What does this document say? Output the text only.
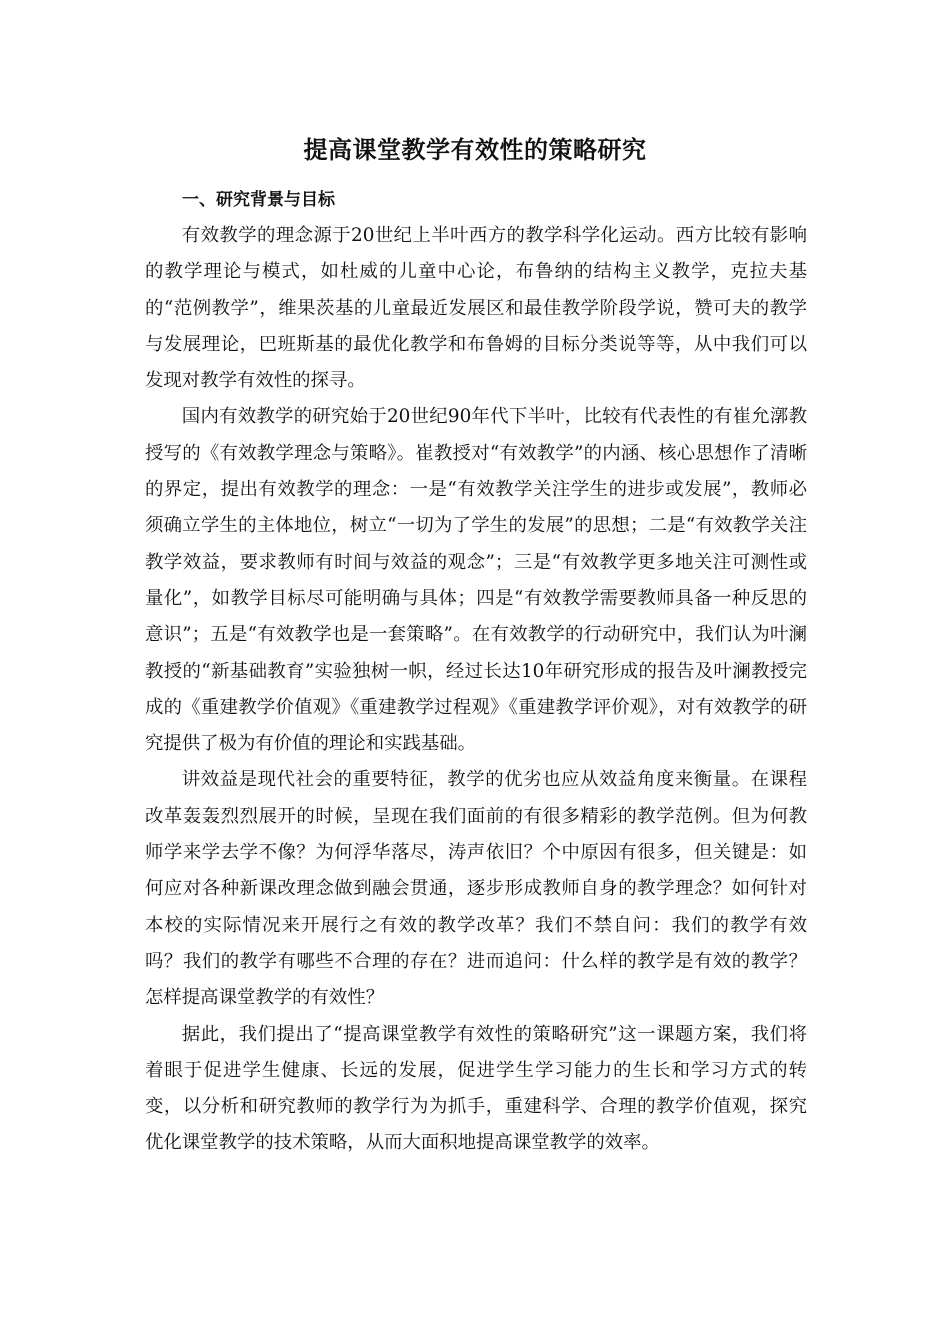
提高课堂教学有效性的策略研究
一、研究背景与目标

有效教学的理念源于20世纪上半叶西方的教学科学化运动。西方比较有影响的教学理论与模式，如杜威的儿童中心论，布鲁纳的结构主义教学，克拉夫基的“范例教学”，维果茨基的儿童最近发展区和最佳教学阶段学说，赞可夫的教学与发展理论，巴班斯基的最优化教学和布鲁姆的目标分类说等等，从中我们可以发现对教学有效性的探寻。

国内有效教学的研究始于20世纪90年代下半叶，比较有代表性的有崔允漷教授写的《有效教学理念与策略》。崔教授对“有效教学”的内涵、核心思想作了清晰的界定，提出有效教学的理念：一是“有效教学关注学生的进步或发展”，教师必须确立学生的主体地位，树立“一切为了学生的发展”的思想；二是“有效教学关注教学效益，要求教师有时间与效益的观念”；三是“有效教学更多地关注可测性或量化”，如教学目标尽可能明确与具体；四是“有效教学需要教师具备一种反思的意识”；五是“有效教学也是一套策略”。在有效教学的行动研究中，我们认为叶澜教授的“新基础教育”实验独树一帜，经过长达10年研究形成的报告及叶澜教授完成的《重建教学价值观》《重建教学过程观》《重建教学评价观》，对有效教学的研究提供了极为有价值的理论和实践基础。

讲效益是现代社会的重要特征，教学的优劣也应从效益角度来衡量。在课程改革轰轰烈烈展开的时候，呈现在我们面前的有很多精彩的教学范例。但为何教师学来学去学不像？为何浮华落尽，涛声依旧？个中原因有很多，但关键是：如何应对各种新课改理念做到融会贯通，逐步形成教师自身的教学理念？如何针对本校的实际情况来开展行之有效的教学改革？我们不禁自问：我们的教学有效吗？我们的教学有哪些不合理的存在？进而追问：什么样的教学是有效的教学？怎样提高课堂教学的有效性？

据此，我们提出了“提高课堂教学有效性的策略研究”这一课题方案，我们将着眼于促进学生健康、长远的发展，促进学生学习能力的生长和学习方式的转变，以分析和研究教师的教学行为为抓手，重建科学、合理的教学价值观，探究优化课堂教学的技术策略，从而大面积地提高课堂教学的效率。
